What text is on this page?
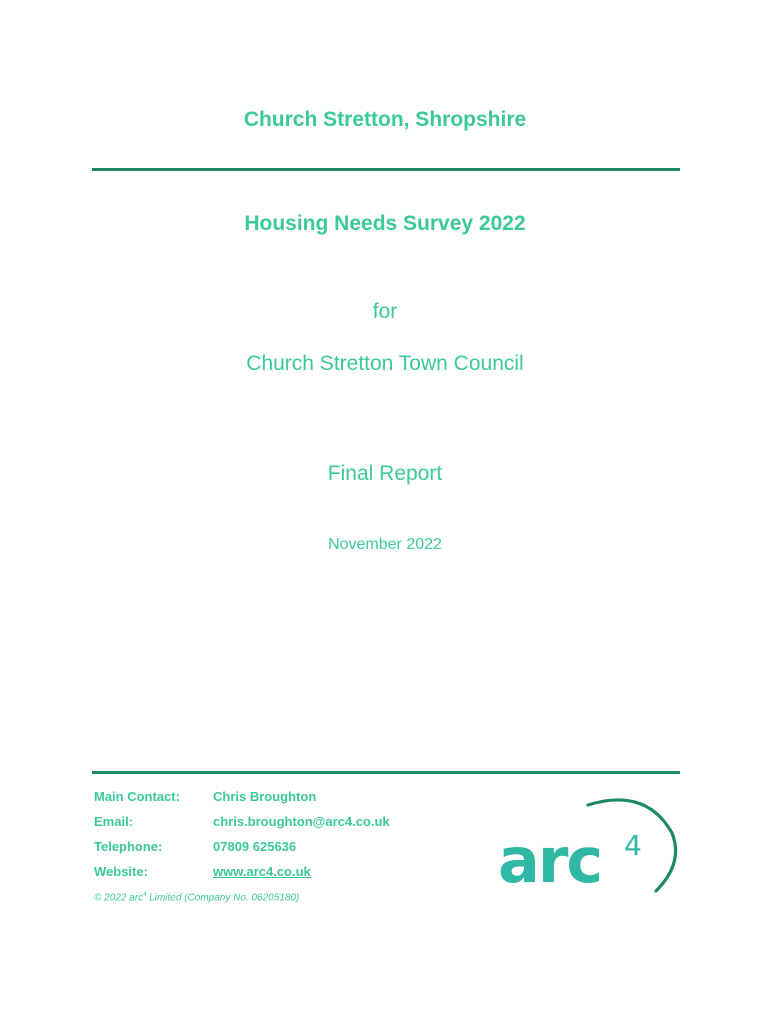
Church Stretton, Shropshire
Housing Needs Survey 2022
for
Church Stretton Town Council
Final Report
November 2022
Main Contact:	Chris Broughton
Email:	chris.broughton@arc4.co.uk
Telephone:	07809 625636
Website:	www.arc4.co.uk
© 2022 arc$^4$ Limited (Company No. 06205180)
arc 4
